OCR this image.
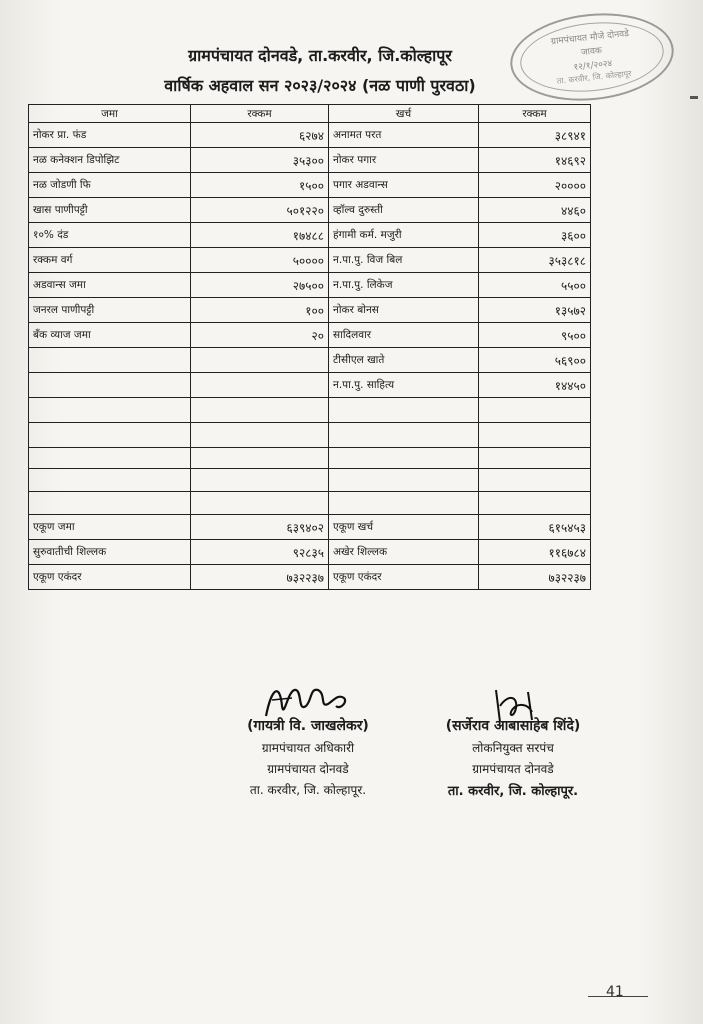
ग्रामपंचायत दोनवडे, ता.करवीर, जि.कोल्हापूर
वार्षिक अहवाल सन २०२३/२०२४ (नळ पाणी पुरवठा)
ग्रामपंचायत मौजे दोनवडे
जावक
१२/१/२०२४
ता. करवीर, जि. कोल्हापूर
जमा	रक्कम	खर्च	रक्कम
नोकर प्रा. फंड	६२७४	अनामत परत	३८९४१
नळ कनेक्शन डिपोझिट	३५३००	नोकर पगार	१४६९२
नळ जोडणी फि	१५००	पगार अडवान्स	२००००
खास पाणीपट्टी	५०१२२०	व्हॉल्व दुरुस्ती	४४६०
१०% दंड	१७४८८	हंगामी कर्म. मजुरी	३६००
रक्कम वर्ग	५००००	न.पा.पु. विज बिल	३५३८१८
अडवान्स जमा	२७५००	न.पा.पु. लिकेज	५५००
जनरल पाणीपट्टी	१००	नोकर बोनस	१३५७२
बँक व्याज जमा	२०	सादिलवार	९५००
		टीसीएल खाते	५६९००
		न.पा.पु. साहित्य	१४४५०

एकूण जमा	६३९४०२	एकूण खर्च	६१५४५३
सुरुवातीची शिल्लक	९२८३५	अखेर शिल्लक	११६७८४
एकूण एकंदर	७३२२३७	एकूण एकंदर	७३२२३७
(गायत्री वि. जाखलेकर)
ग्रामपंचायत अधिकारी
ग्रामपंचायत दोनवडे
ता. करवीर, जि. कोल्हापूर.
(सर्जेराव आबासाहेब शिंदे)
लोकनियुक्त सरपंच
ग्रामपंचायत दोनवडे
ता. करवीर, जि. कोल्हापूर.
41
